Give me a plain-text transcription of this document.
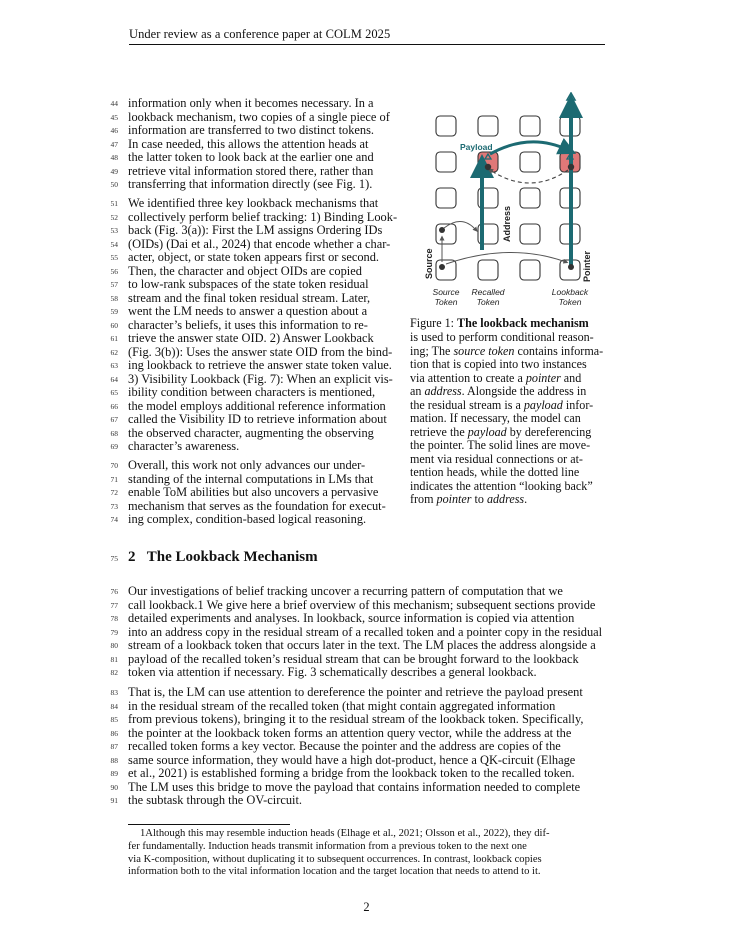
Under review as a conference paper at COLM 2025
44 information only when it becomes necessary. In a
45 lookback mechanism, two copies of a single piece of
46 information are transferred to two distinct tokens.
47 In case needed, this allows the attention heads at
48 the latter token to look back at the earlier one and
49 retrieve vital information stored there, rather than
50 transferring that information directly (see Fig. 1).
51 We identified three key lookback mechanisms that
52 collectively perform belief tracking: 1) Binding Look-
53 back (Fig. 3(a)): First the LM assigns Ordering IDs
54 (OIDs) (Dai et al., 2024) that encode whether a char-
55 acter, object, or state token appears first or second.
56 Then, the character and object OIDs are copied
57 to low-rank subspaces of the state token residual
58 stream and the final token residual stream. Later,
59 went the LM needs to answer a question about a
60 character’s beliefs, it uses this information to re-
61 trieve the answer state OID. 2) Answer Lookback
62 (Fig. 3(b)): Uses the answer state OID from the bind-
63 ing lookback to retrieve the answer state token value.
64 3) Visibility Lookback (Fig. 7): When an explicit vis-
65 ibility condition between characters is mentioned,
66 the model employs additional reference information
67 called the Visibility ID to retrieve information about
68 the observed character, augmenting the observing
69 character’s awareness.
70 Overall, this work not only advances our under-
71 standing of the internal computations in LMs that
72 enable ToM abilities but also uncovers a pervasive
73 mechanism that serves as the foundation for execut-
74 ing complex, condition-based logical reasoning.
Source
Address
Pointer
Payload
Source
Token
Recalled
Token
Lookback
Token
Figure 1: The lookback mechanism
is used to perform conditional reason-
ing; The source token contains informa-
tion that is copied into two instances
via attention to create a pointer and
an address. Alongside the address in
the residual stream is a payload infor-
mation. If necessary, the model can
retrieve the payload by dereferencing
the pointer. The solid lines are move-
ment via residual connections or at-
tention heads, while the dotted line
indicates the attention “looking back”
from pointer to address.
75 2 The Lookback Mechanism
76 Our investigations of belief tracking uncover a recurring pattern of computation that we
77 call lookback.1 We give here a brief overview of this mechanism; subsequent sections provide
78 detailed experiments and analyses. In lookback, source information is copied via attention
79 into an address copy in the residual stream of a recalled token and a pointer copy in the residual
80 stream of a lookback token that occurs later in the text. The LM places the address alongside a
81 payload of the recalled token’s residual stream that can be brought forward to the lookback
82 token via attention if necessary. Fig. 3 schematically describes a general lookback.
83 That is, the LM can use attention to dereference the pointer and retrieve the payload present
84 in the residual stream of the recalled token (that might contain aggregated information
85 from previous tokens), bringing it to the residual stream of the lookback token. Specifically,
86 the pointer at the lookback token forms an attention query vector, while the address at the
87 recalled token forms a key vector. Because the pointer and the address are copies of the
88 same source information, they would have a high dot-product, hence a QK-circuit (Elhage
89 et al., 2021) is established forming a bridge from the lookback token to the recalled token.
90 The LM uses this bridge to move the payload that contains information needed to complete
91 the subtask through the OV-circuit.
1Although this may resemble induction heads (Elhage et al., 2021; Olsson et al., 2022), they dif-
fer fundamentally. Induction heads transmit information from a previous token to the next one
via K-composition, without duplicating it to subsequent occurrences. In contrast, lookback copies
information both to the vital information location and the target location that needs to attend to it.
2
